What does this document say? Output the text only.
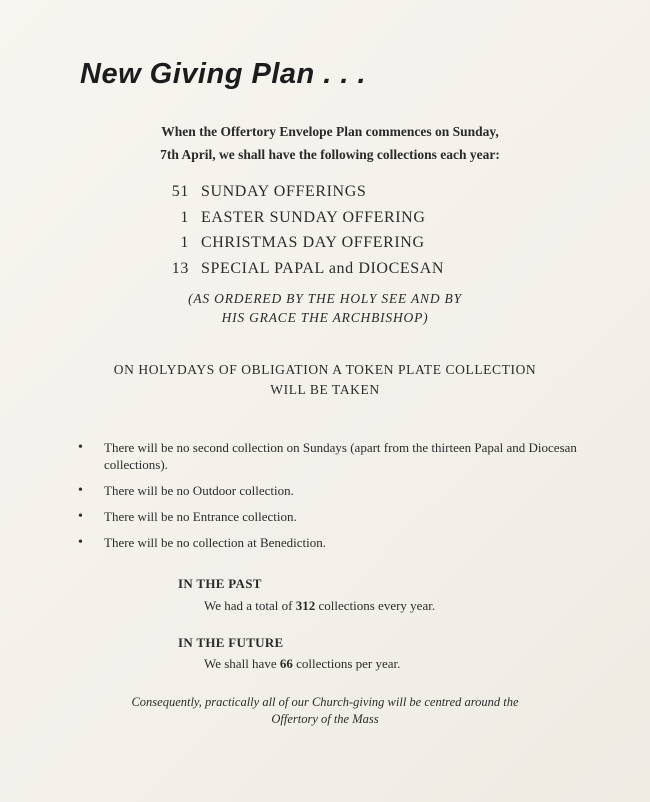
New Giving Plan . . .
When the Offertory Envelope Plan commences on Sunday,
7th April, we shall have the following collections each year:
51 SUNDAY OFFERINGS
1 EASTER SUNDAY OFFERING
1 CHRISTMAS DAY OFFERING
13 SPECIAL PAPAL and DIOCESAN
(AS ORDERED BY THE HOLY SEE AND BY
HIS GRACE THE ARCHBISHOP)
ON HOLYDAYS OF OBLIGATION A TOKEN PLATE COLLECTION
WILL BE TAKEN
•	There will be no second collection on Sundays (apart from the thirteen Papal and Diocesan collections).
•	There will be no Outdoor collection.
•	There will be no Entrance collection.
•	There will be no collection at Benediction.
IN THE PAST
We had a total of 312 collections every year.
IN THE FUTURE
We shall have 66 collections per year.
Consequently, practically all of our Church-giving will be centred around the
Offertory of the Mass
